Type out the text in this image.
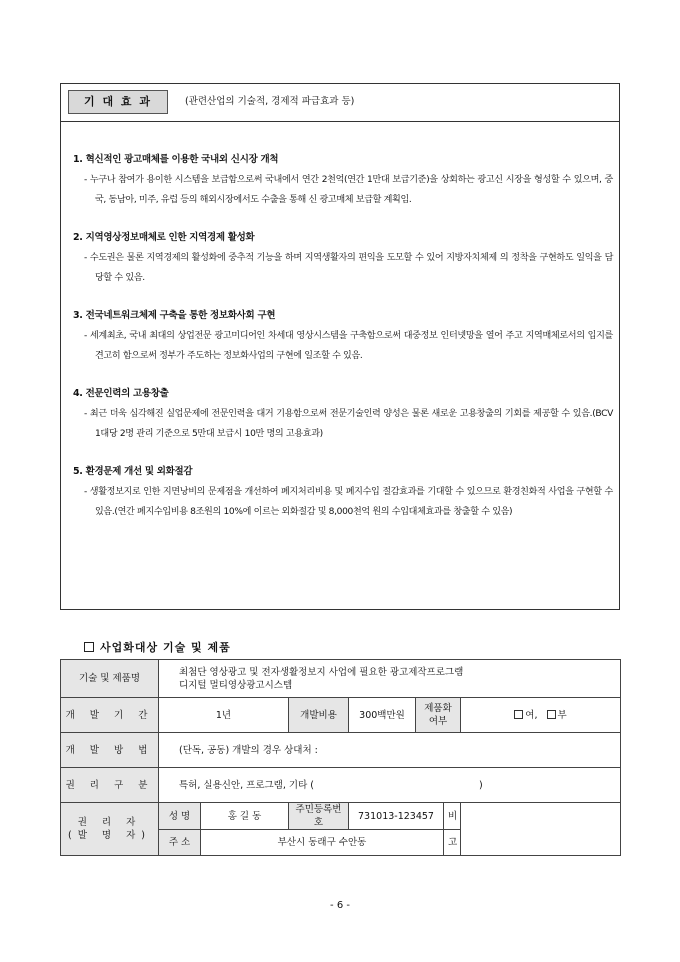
기 대 효 과	(관련산업의 기술적, 경제적 파급효과 등)
1. 혁신적인 광고매체를 이용한 국내외 신시장 개척
- 누구나 참여가 용이한 시스템을 보급함으로써 국내에서 연간 2천억(연간 1만대 보급기준)을 상회하는 광고신 시장을 형성할 수 있으며, 중국, 동남아, 미주, 유럽 등의 해외시장에서도 수출을 통해 신 광고매체 보급할 계획임.
2. 지역영상정보매체로 인한 지역경제 활성화
- 수도권은 물론 지역경제의 활성화에 중추적 기능을 하며 지역생활자의 편익을 도모할 수 있어 지방자치체제 의 정착을 구현하도 일익을 담당할 수 있음.
3. 전국네트워크체제 구축을 통한 정보화사회 구현
- 세계최초, 국내 최대의 상업전문 광고미디어인 차세대 영상시스템을 구축함으로써 대중정보 인터넷망을 열어 주고 지역매체로서의 입지를 견고히 함으로써 정부가 주도하는 정보화사업의 구현에 일조할 수 있음.
4. 전문인력의 고용창출
- 최근 더욱 심각해진 실업문제에 전문인력을 대거 기용함으로써 전문기술인력 양성은 물론 새로운 고용창출의 기회를 제공할 수 있음.(BCV 1대당 2명 관리 기준으로 5만대 보급시 10만 명의 고용효과)
5. 환경문제 개선 및 외화절감
- 생활정보지로 인한 지면낭비의 문제점을 개선하여 폐지처리비용 및 폐지수입 절감효과를 기대할 수 있으므로 환경친화적 사업을 구현할 수 있음.(연간 폐지수입비용 8조원의 10%에 이르는 외화절감 및 8,000천억 원의 수입대체효과를 창출할 수 있음)
사업화대상 기술 및 제품
기술 및 제품명	최첨단 영상광고 및 전자생활정보지 사업에 필요한 광고제작프로그램
디지털 멀티영상광고시스템						

개 발 기 간	1년		개발비용	300백만원	제품화 여부		여, 부
개 발 방 법	(단독, 공동) 개발의 경우 상대처 :						
권 리 구 분	특허, 실용신안, 프로그램, 기타 ( )						

권 리 자
(발 명 자)	성 명	홍 길 동	주민등록번호	731013-123457		비	
	주 소	부산시 동래구 수안동				고	
- 6 -
